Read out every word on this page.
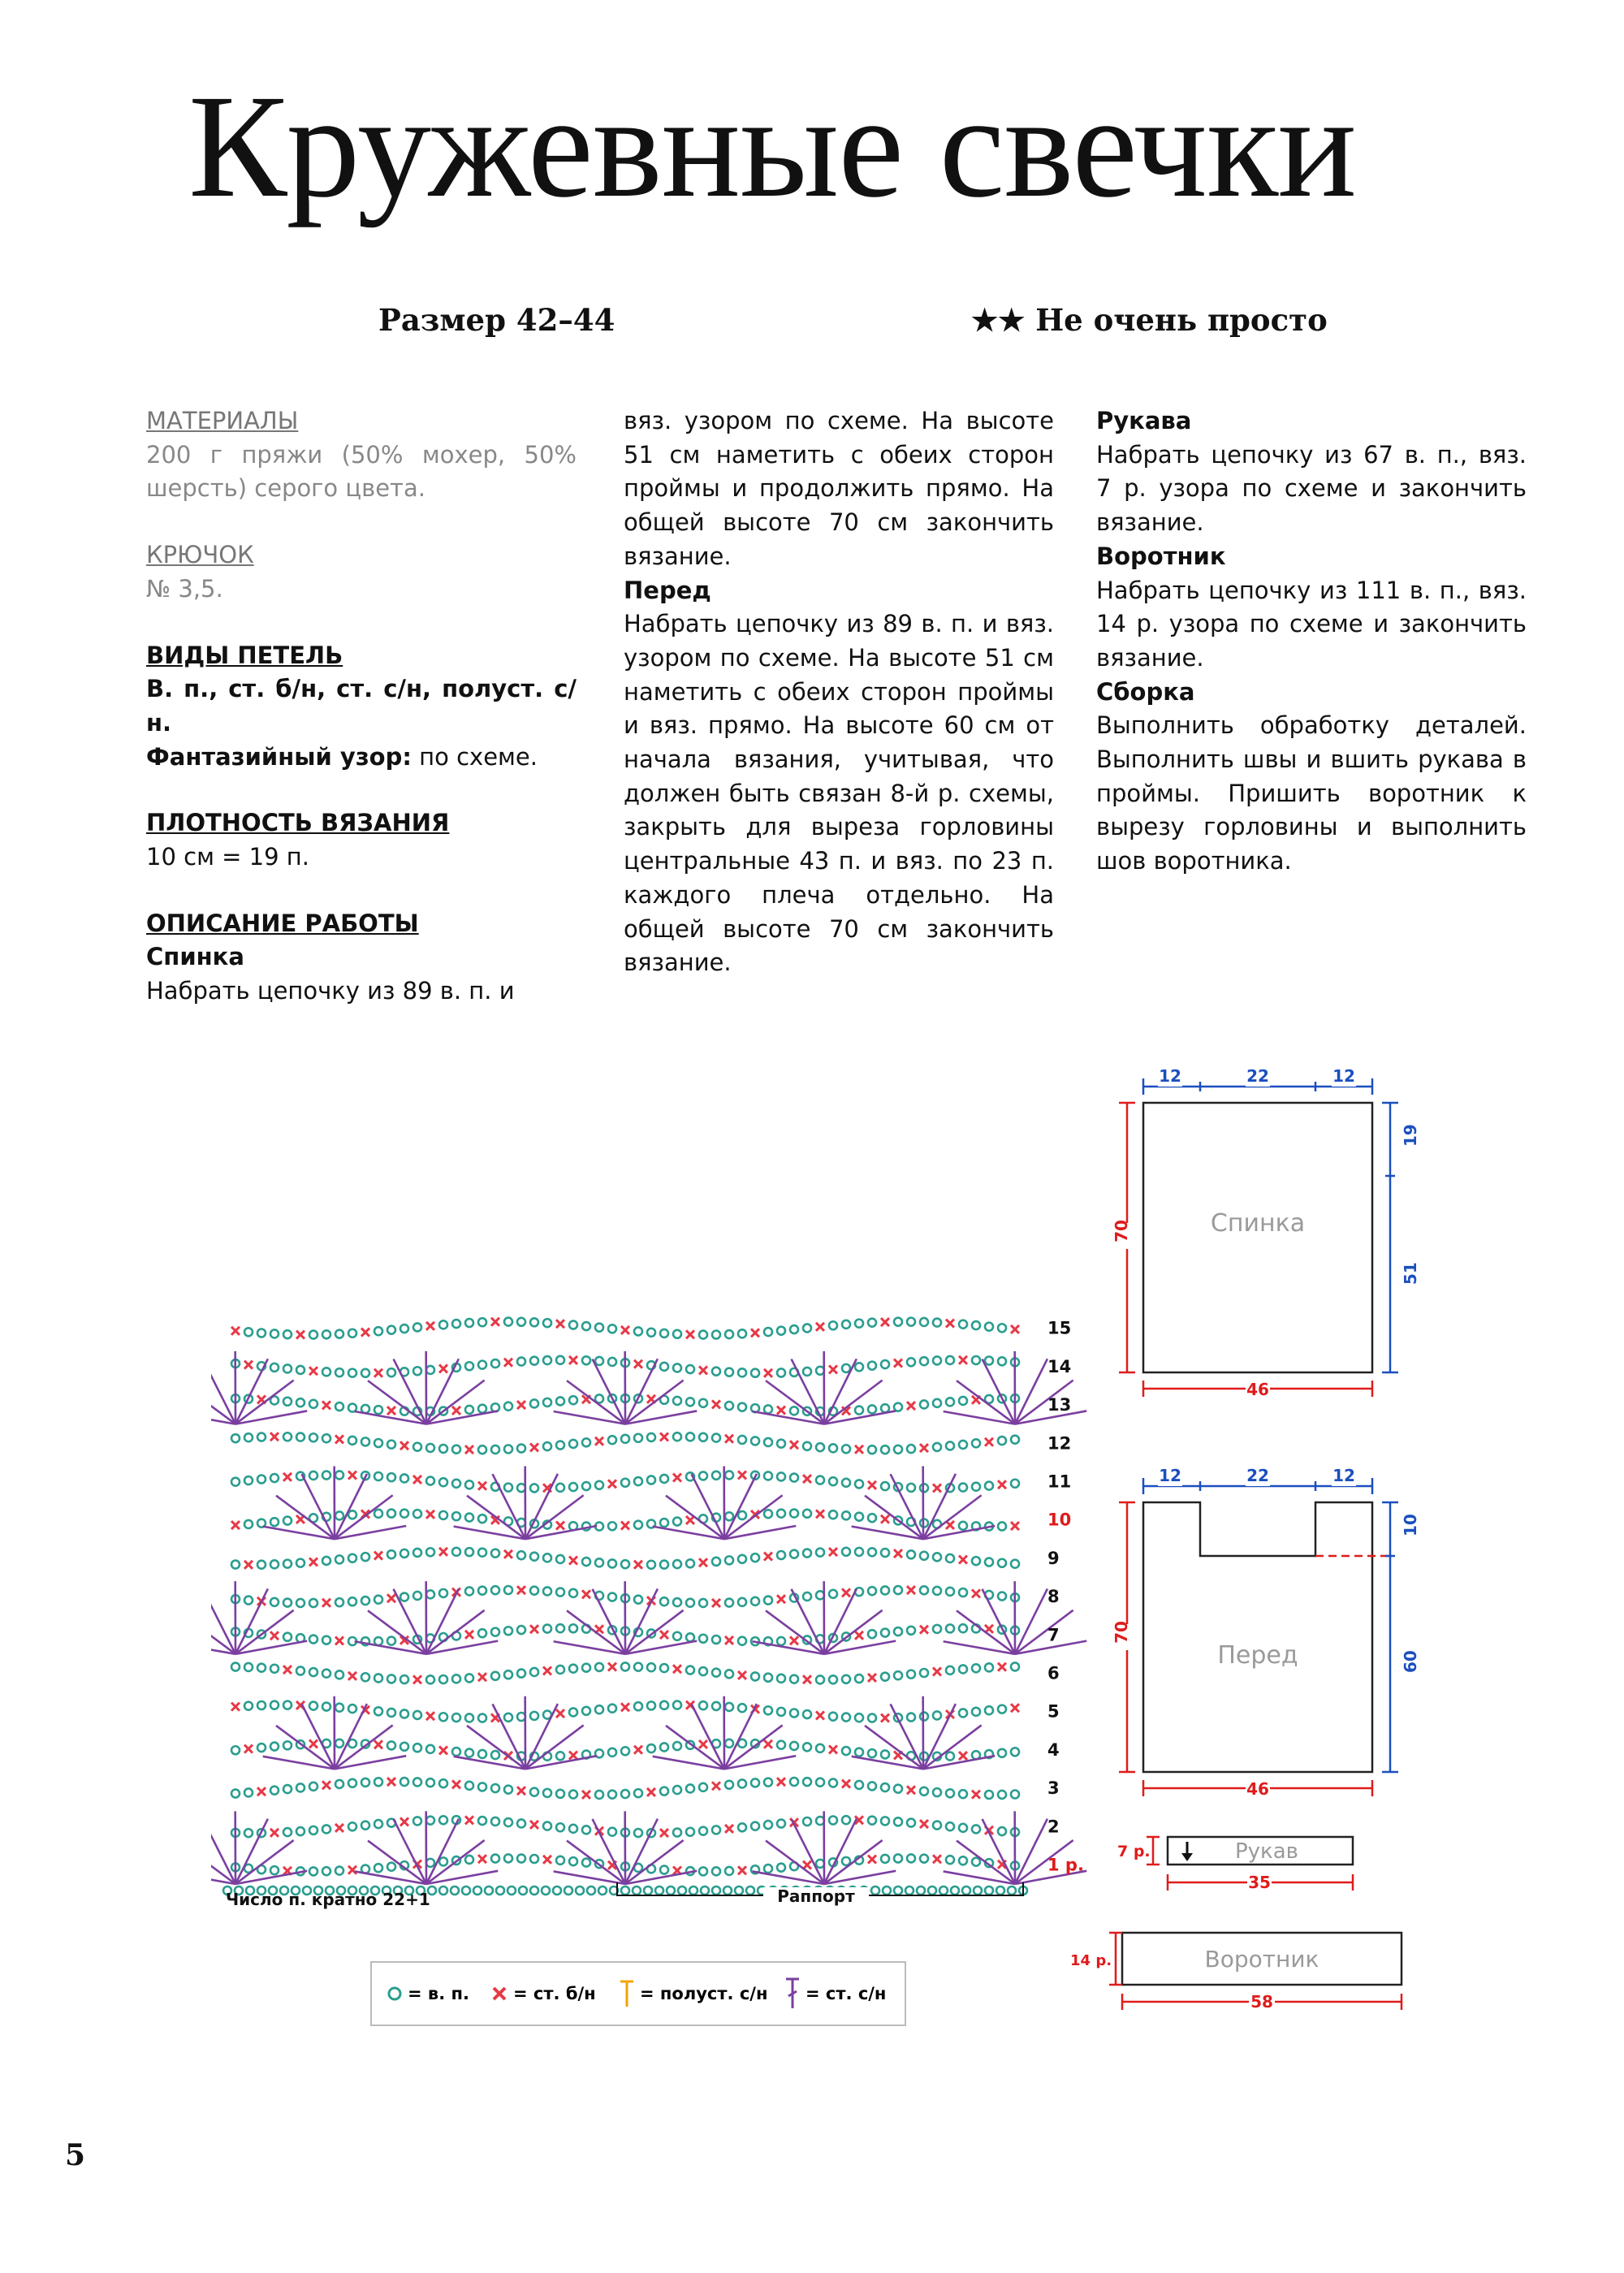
Кружевные свечки
Размер 42–44	★★ Не очень просто

МАТЕРИАЛЫ

200 г пряжи (50% мохер, 50% шерсть) серого цвета.

КРЮЧОК

№ 3,5.

ВИДЫ ПЕТЕЛЬ

В. п., ст. б/н, ст. с/н, полуст. с/н.

Фантазийный узор: по схеме.

ПЛОТНОСТЬ ВЯЗАНИЯ

10 см = 19 п.

ОПИСАНИЕ РАБОТЫ

Спинка

Набрать цепочку из 89 в. п. и

вяз. узором по схеме. На высоте 51 см наметить с обеих сторон проймы и продолжить прямо. На общей высоте 70 см закончить вязание.

Перед

Набрать цепочку из 89 в. п. и вяз. узором по схеме. На высоте 51 см наметить с обеих сторон проймы и вяз. прямо. На высоте 60 см от начала вязания, учитывая, что должен быть связан 8-й р. схемы, закрыть для выреза горловины центральные 43 п. и вяз. по 23 п. каждого плеча отдельно. На общей высоте 70 см закончить вязание.

Рукава

Набрать цепочку из 67 в. п., вяз. 7 р. узора по схеме и закончить вязание.

Воротник

Набрать цепочку из 111 в. п., вяз. 14 р. узора по схеме и закончить вязание.

Сборка

Выполнить обработку деталей. Выполнить швы и вшить рукава в проймы. Пришить воротник к вырезу горловины и выполнить шов воротника.

15
14
13
12
11
10
9
8
7
6
5
4
3
2
1 р.
Число п. кратно 22+1	Раппорт
= в. п.	= ст. б/н	= полуст. с/н = ст. с/н
12	22	12
70
19
51
46
Спинка
12	22	12
70
10
60
46
Перед
7 р.	Рукав
35
14 р.	Воротник
58
5
